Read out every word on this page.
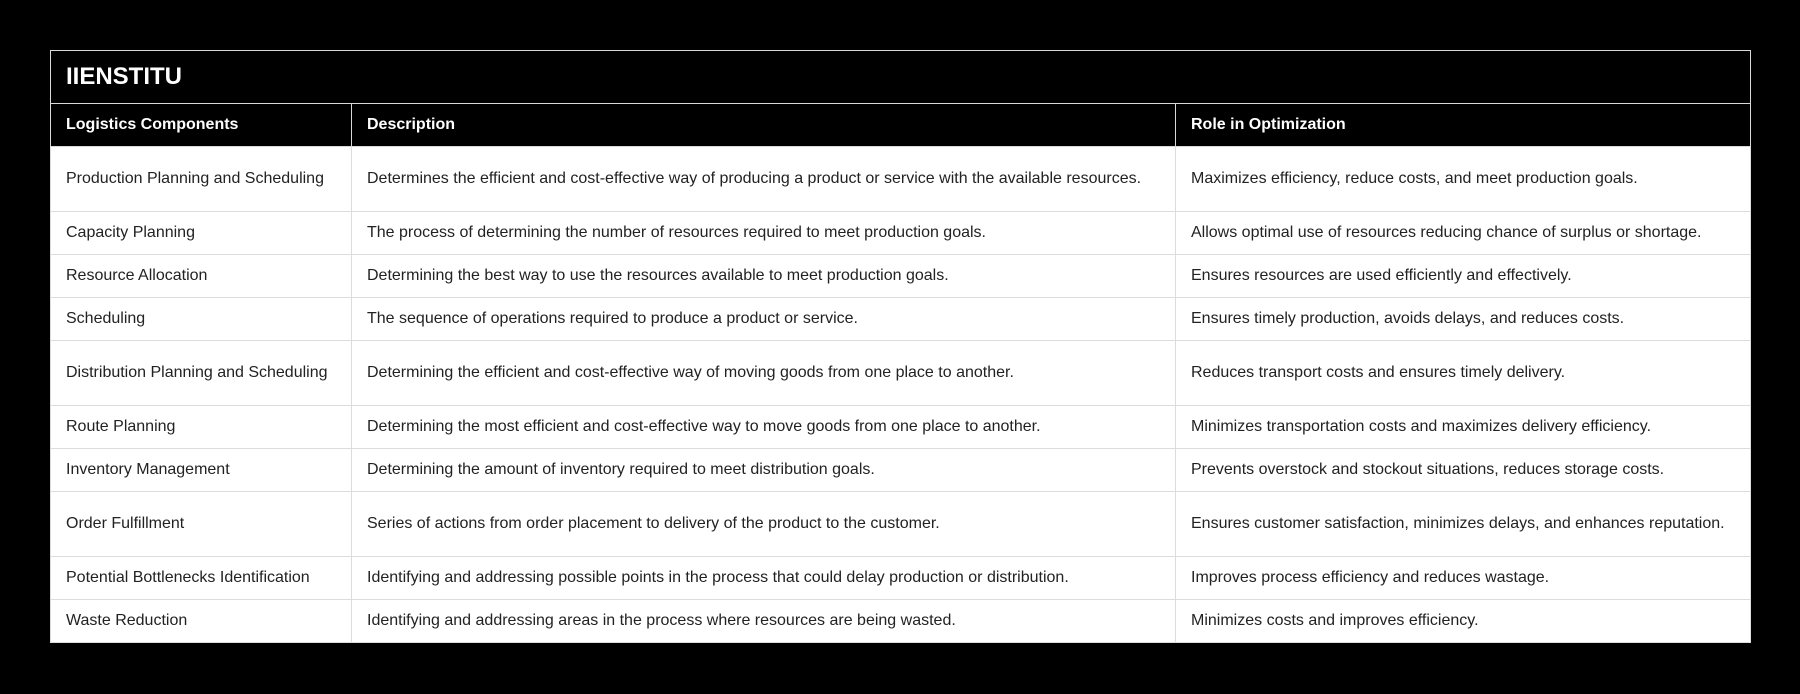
IIENSTITU		
Logistics Components	Description	Role in Optimization
Production Planning and Scheduling	Determines the efficient and cost-effective way of producing a product or service with the available resources.	Maximizes efficiency, reduce costs, and meet production goals.
Capacity Planning	The process of determining the number of resources required to meet production goals.	Allows optimal use of resources reducing chance of surplus or shortage.
Resource Allocation	Determining the best way to use the resources available to meet production goals.	Ensures resources are used efficiently and effectively.
Scheduling	The sequence of operations required to produce a product or service.	Ensures timely production, avoids delays, and reduces costs.
Distribution Planning and Scheduling	Determining the efficient and cost-effective way of moving goods from one place to another.	Reduces transport costs and ensures timely delivery.
Route Planning	Determining the most efficient and cost-effective way to move goods from one place to another.	Minimizes transportation costs and maximizes delivery efficiency.
Inventory Management	Determining the amount of inventory required to meet distribution goals.	Prevents overstock and stockout situations, reduces storage costs.
Order Fulfillment	Series of actions from order placement to delivery of the product to the customer.	Ensures customer satisfaction, minimizes delays, and enhances reputation.
Potential Bottlenecks Identification	Identifying and addressing possible points in the process that could delay production or distribution.	Improves process efficiency and reduces wastage.
Waste Reduction	Identifying and addressing areas in the process where resources are being wasted.	Minimizes costs and improves efficiency.
